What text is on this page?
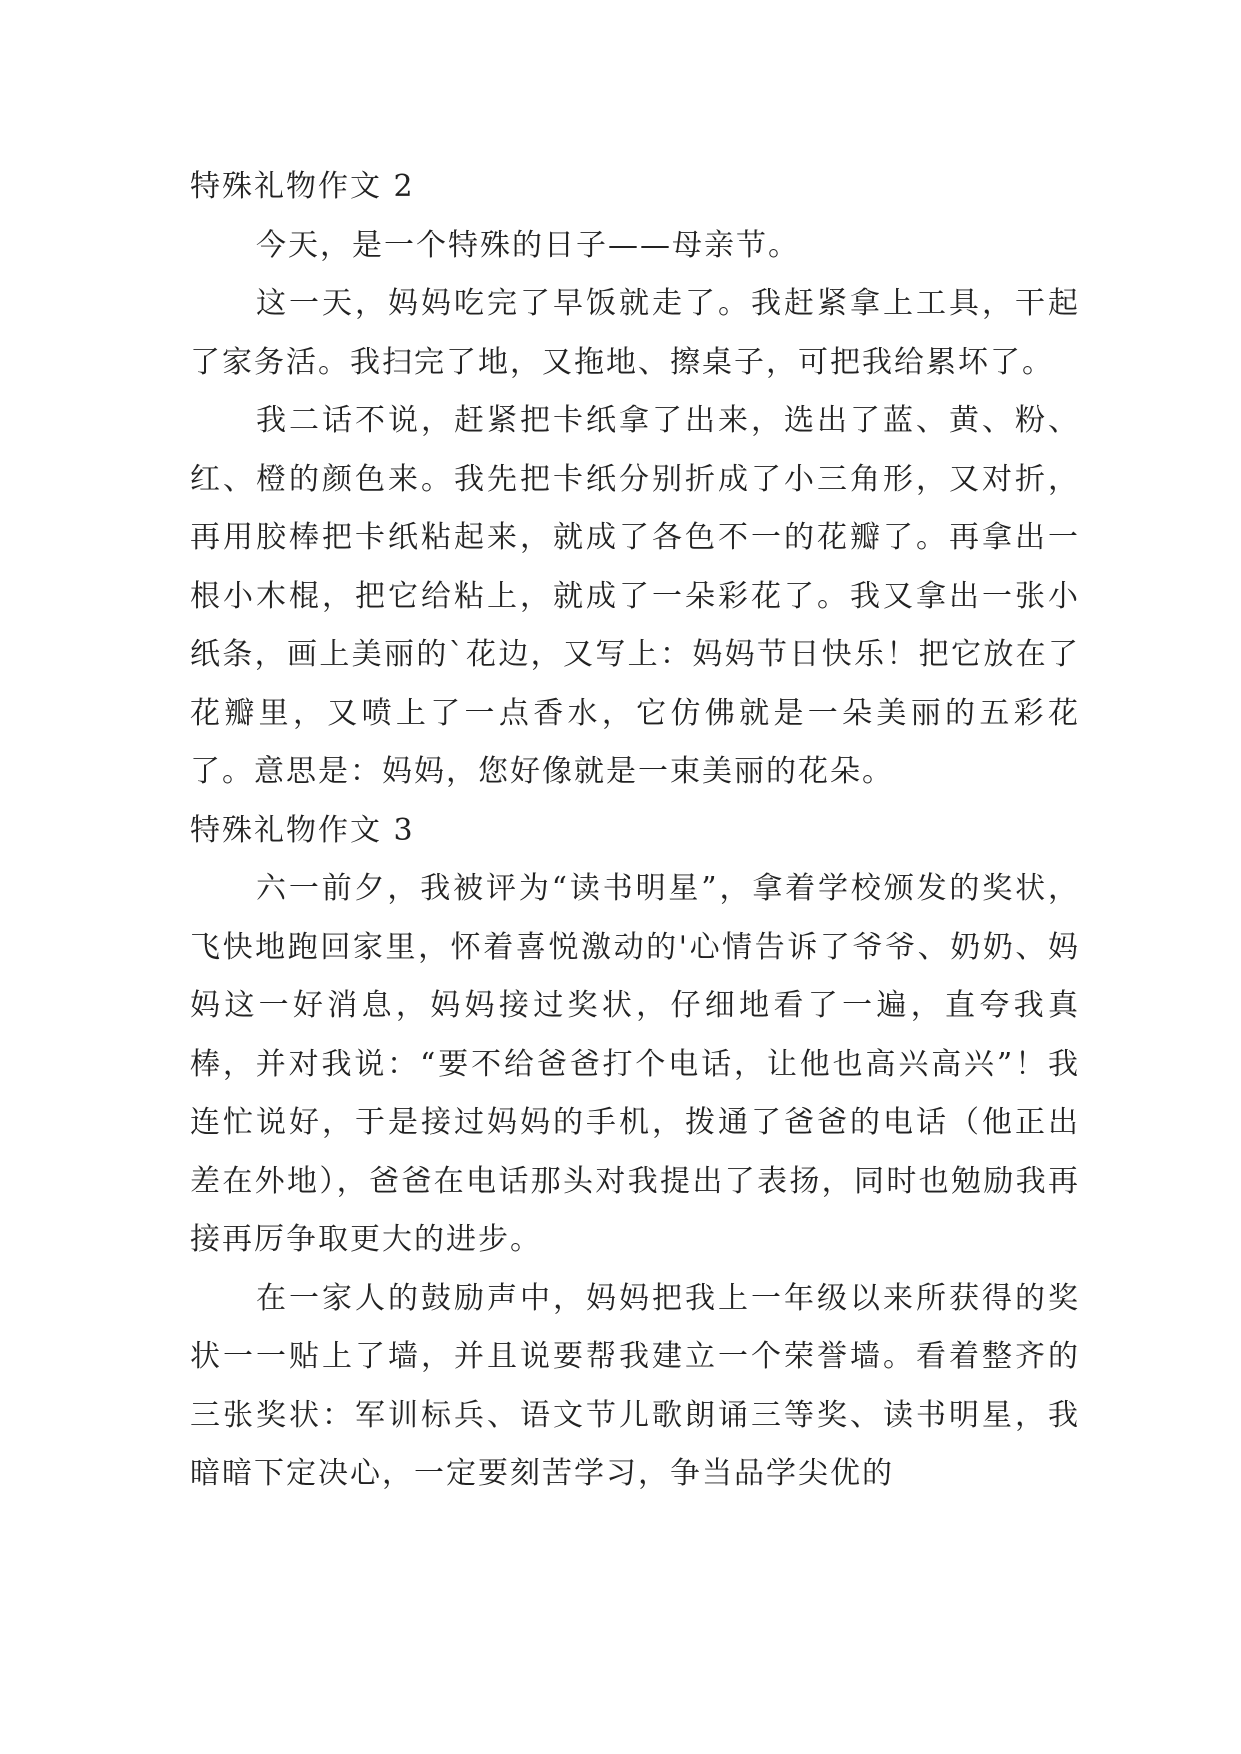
特殊礼物作文 2

今天，是一个特殊的日子——母亲节。

这一天，妈妈吃完了早饭就走了。我赶紧拿上工具，干起了家务活。我扫完了地，又拖地、擦桌子，可把我给累坏了。

我二话不说，赶紧把卡纸拿了出来，选出了蓝、黄、粉、红、橙的颜色来。我先把卡纸分别折成了小三角形，又对折，再用胶棒把卡纸粘起来，就成了各色不一的花瓣了。再拿出一根小木棍，把它给粘上，就成了一朵彩花了。我又拿出一张小纸条，画上美丽的`花边，又写上：妈妈节日快乐！把它放在了花瓣里，又喷上了一点香水，它仿佛就是一朵美丽的五彩花了。意思是：妈妈，您好像就是一束美丽的花朵。

特殊礼物作文 3

六一前夕，我被评为“读书明星”，拿着学校颁发的奖状，飞快地跑回家里，怀着喜悦激动的'心情告诉了爷爷、奶奶、妈妈这一好消息，妈妈接过奖状，仔细地看了一遍，直夸我真棒，并对我说：“要不给爸爸打个电话，让他也高兴高兴”！我连忙说好，于是接过妈妈的手机，拨通了爸爸的电话（他正出差在外地），爸爸在电话那头对我提出了表扬，同时也勉励我再接再厉争取更大的进步。

在一家人的鼓励声中，妈妈把我上一年级以来所获得的奖状一一贴上了墙，并且说要帮我建立一个荣誉墙。看着整齐的三张奖状：军训标兵、语文节儿歌朗诵三等奖、读书明星，我暗暗下定决心，一定要刻苦学习，争当品学尖优的
